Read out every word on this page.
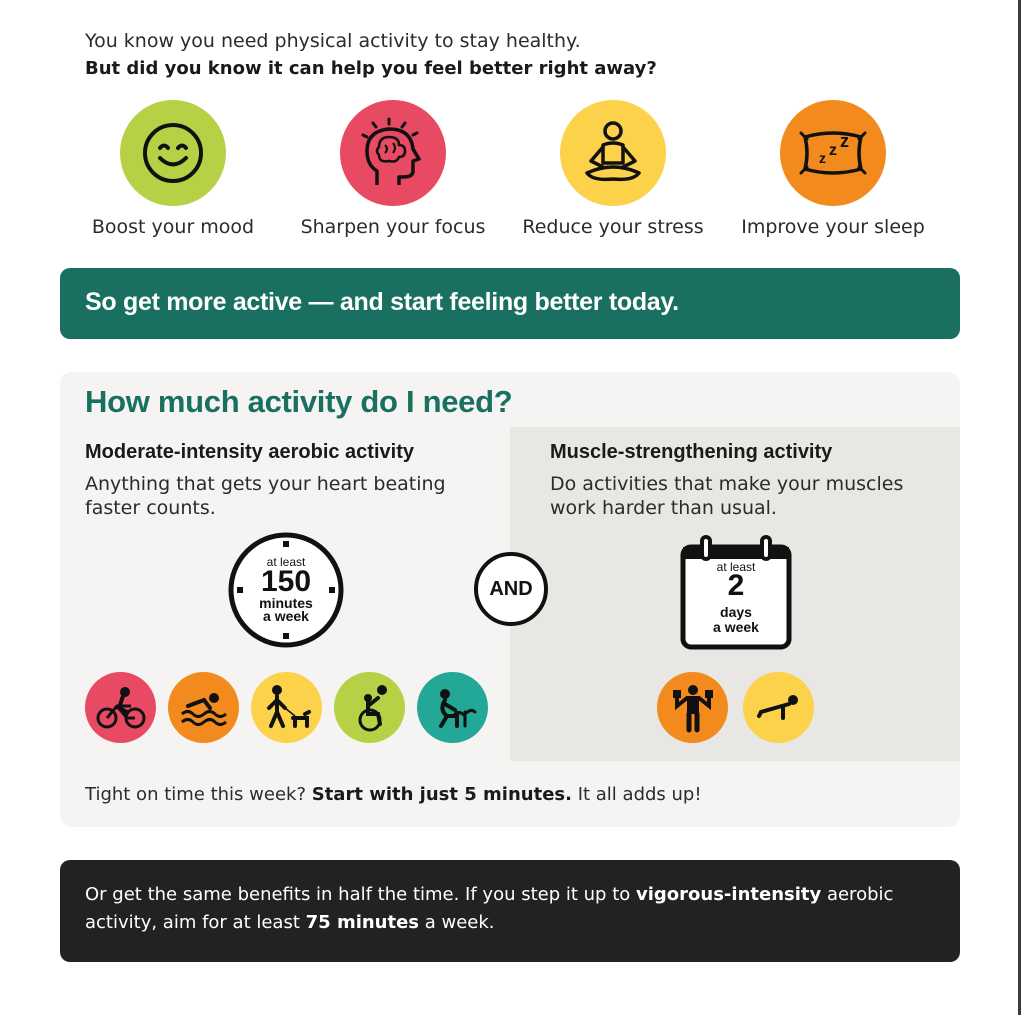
You know you need physical activity to stay healthy.

But did you know it can help you feel better right away?

Boost your mood	Sharpen your focus	Reduce your stress
z z z
Improve your sleep
So get more active — and start feeling better today.
How much activity do I need?
Moderate-intensity aerobic activity
Anything that gets your heart beating
faster counts.
Muscle-strengthening activity
Do activities that make your muscles
work harder than usual.
at least
150
minutes
a week
AND
at least
2
days
a week

Tight on time this week? Start with just 5 minutes. It all adds up!

Or get the same benefits in half the time. If you step it up to vigorous-intensity aerobic activity, aim for at least 75 minutes a week.
